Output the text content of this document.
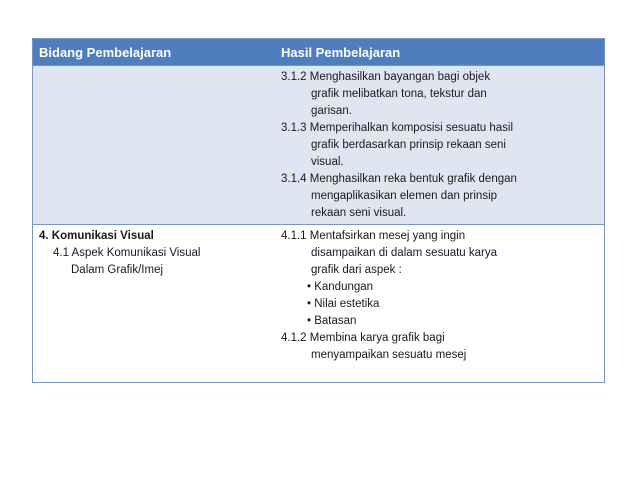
Bidang Pembelajaran	Hasil Pembelajaran
3.1.2 Menghasilkan bayangan bagi objek
grafik melibatkan tona, tekstur dan
garisan.
3.1.3 Memperihalkan komposisi sesuatu hasil
grafik berdasarkan prinsip rekaan seni
visual.
3.1.4 Menghasilkan reka bentuk grafik dengan
mengaplikasikan elemen dan prinsip
rekaan seni visual.
4. Komunikasi Visual
4.1 Aspek Komunikasi Visual
Dalam Grafik/Imej
4.1.1 Mentafsirkan mesej yang ingin
disampaikan di dalam sesuatu karya
grafik dari aspek :
• Kandungan
• Nilai estetika
• Batasan
4.1.2 Membina karya grafik bagi
menyampaikan sesuatu mesej
